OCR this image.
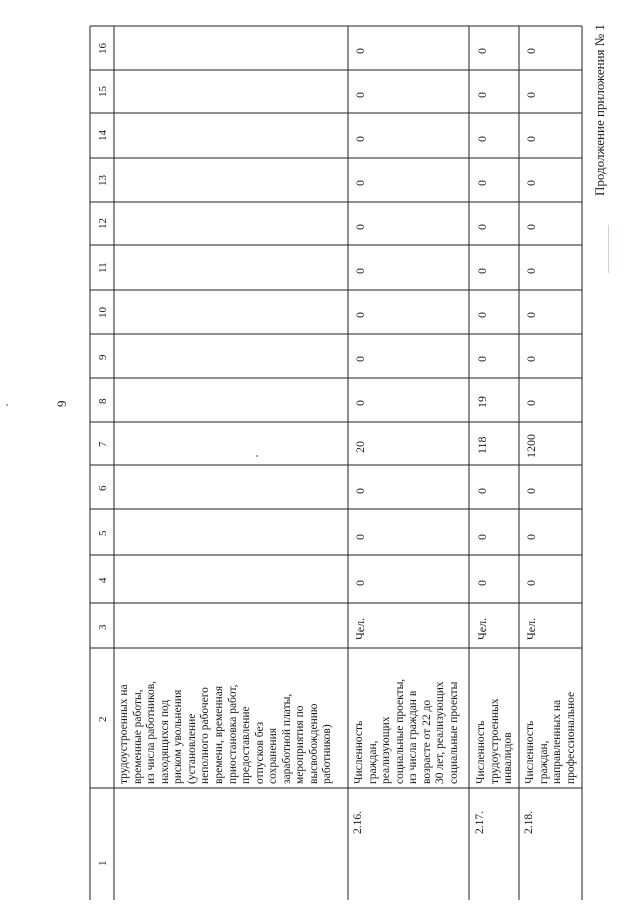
Продолжение приложения № 1
9
1
2
3
4
5
6
7
8
9
10
11
12
13
14
15
16
трудоустроенных на временные работы, из числа работников, находящихся под риском увольнения (установление неполного рабочего времени, временная приостановка работ, предоставление отпусков без сохранения заработной платы, мероприятия по высвобождению работников)
2.16.
Численность граждан, реализующих социальные проекты, из числа граждан в возрасте от 22 до 30 лет, реализующих социальные проекты
Чел.
0
0
0
20
0
0
0
0
0
0
0
0
0
2.17.
Численность трудоустроенных инвалидов
Чел.
0
0
0
118
19
0
0
0
0
0
0
0
0
2.18.
Численность граждан, направленных на профессиональное
Чел.
0
0
0
1200
0
0
0
0
0
0
0
0
0
